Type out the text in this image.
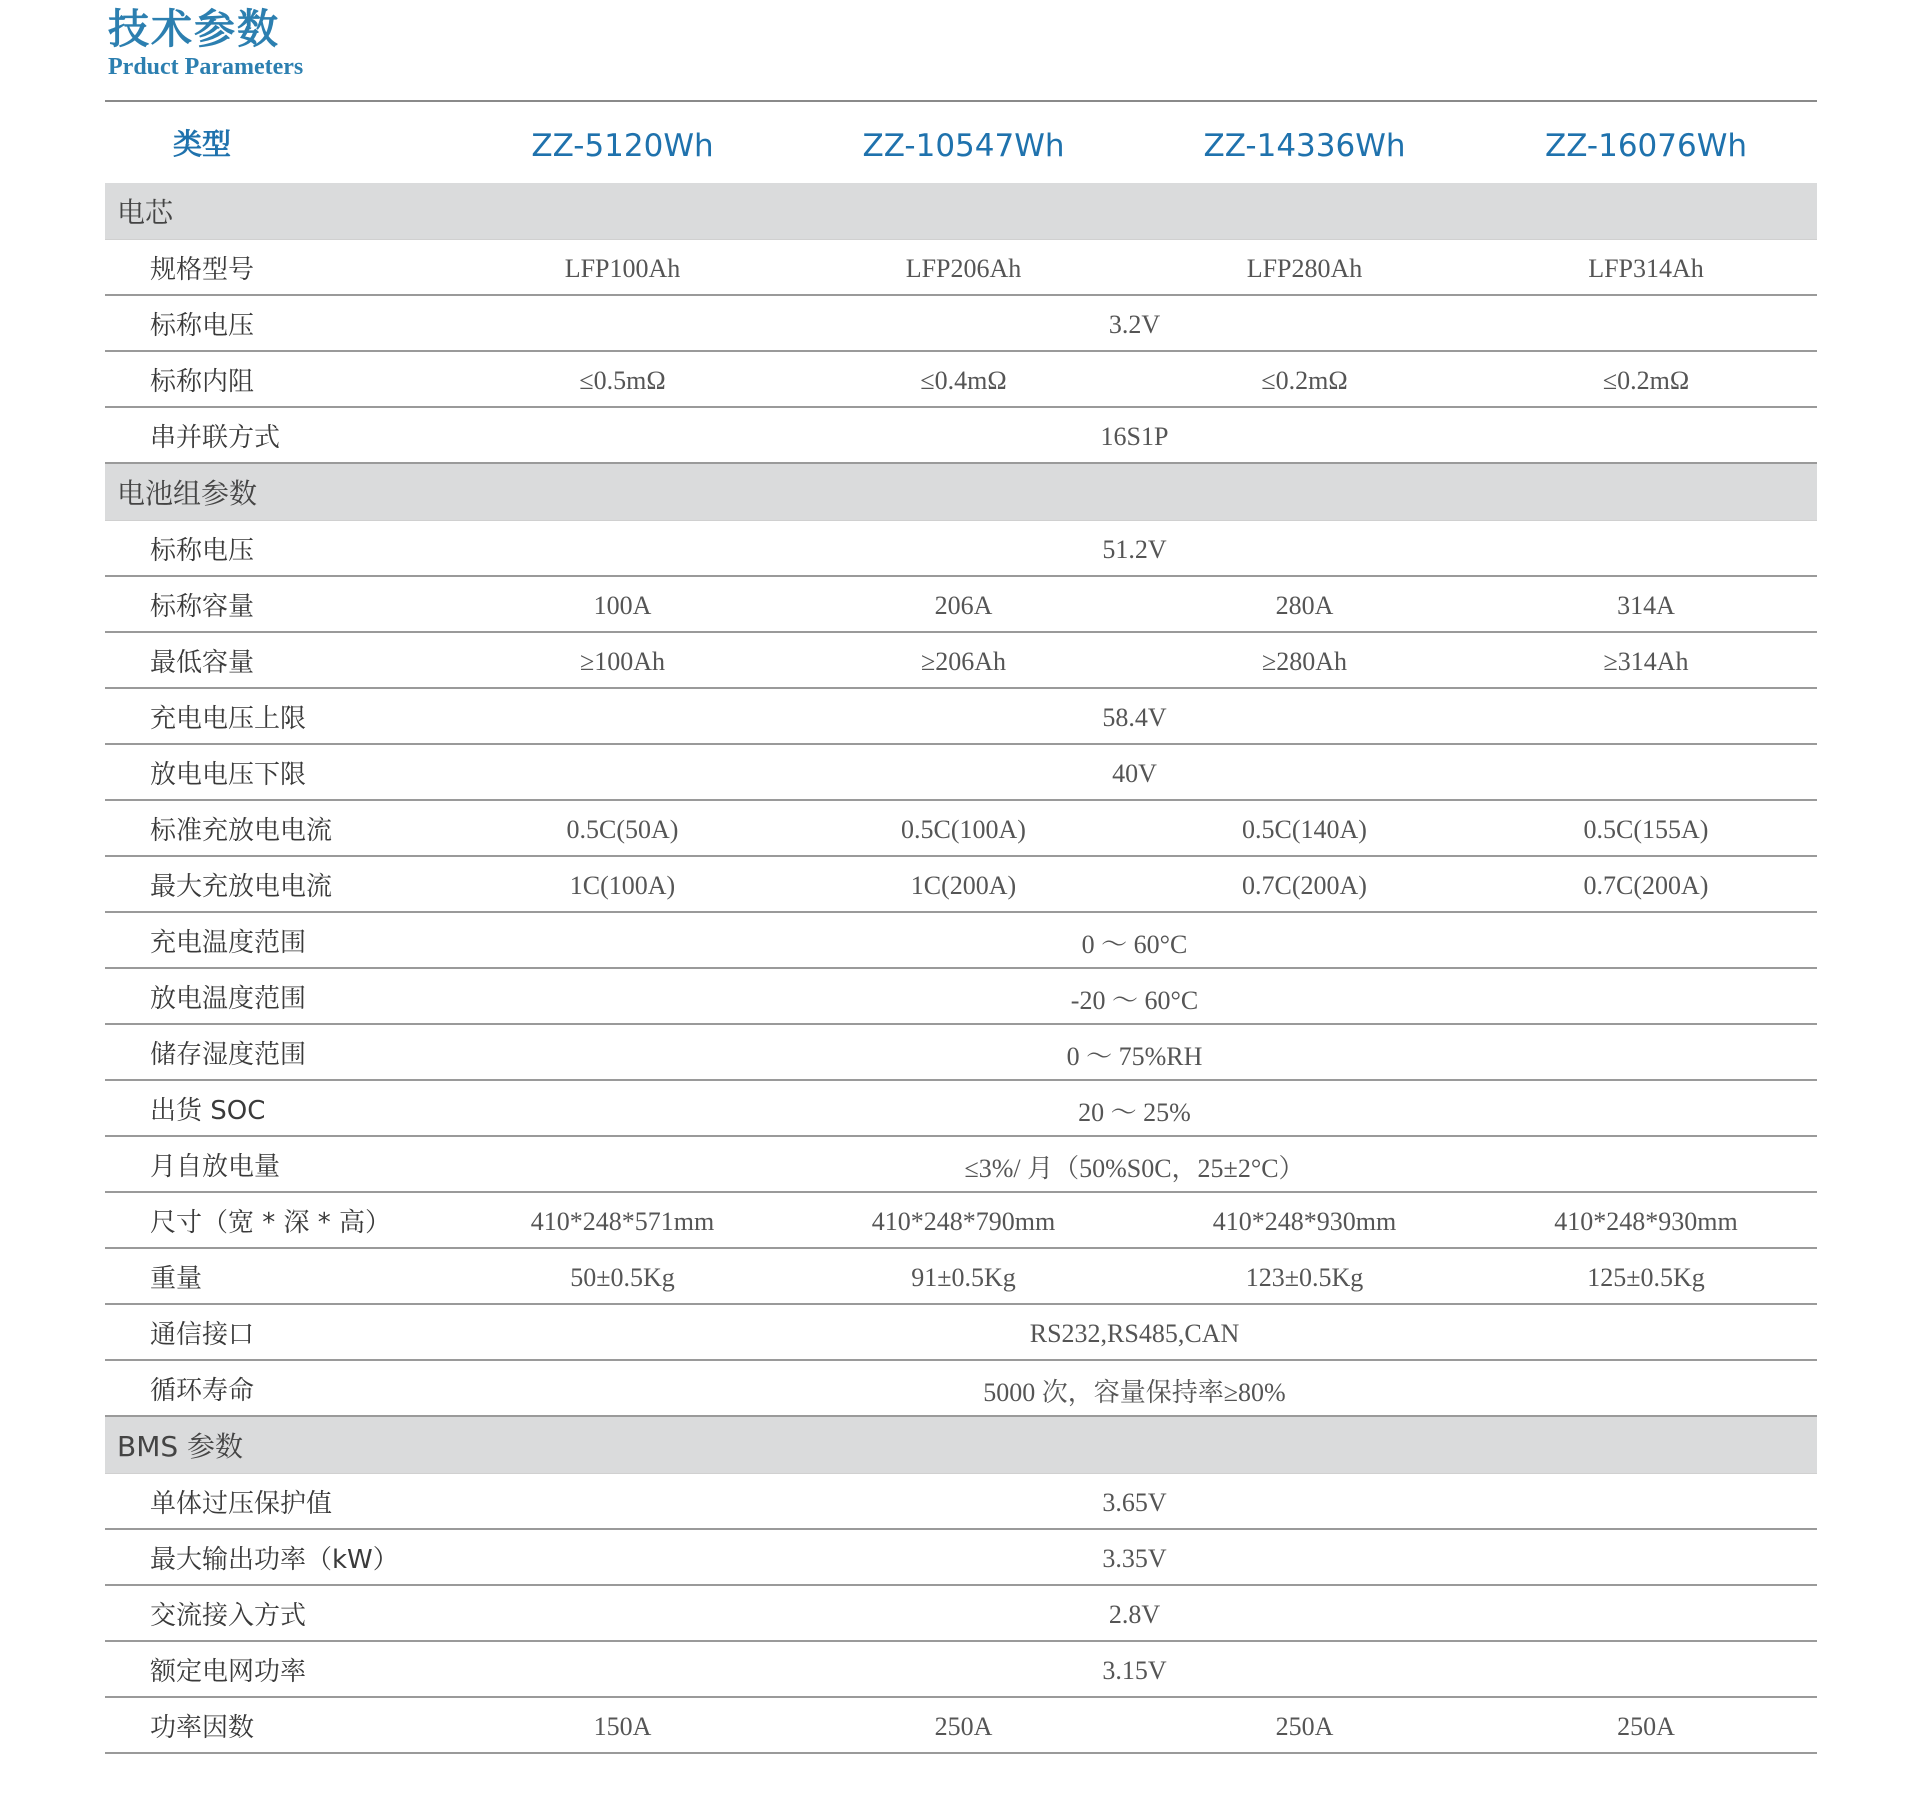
技术参数
Prduct Parameters
类型	ZZ-5120Wh	ZZ-10547Wh	ZZ-14336Wh	ZZ-16076Wh
电芯				
规格型号	LFP100Ah	LFP206Ah	LFP280Ah	LFP314Ah
标称电压	3.2V			
标称内阻	≤0.5mΩ	≤0.4mΩ	≤0.2mΩ	≤0.2mΩ
串并联方式	16S1P			
电池组参数				
标称电压	51.2V			
标称容量	100A	206A	280A	314A
最低容量	≥100Ah	≥206Ah	≥280Ah	≥314Ah
充电电压上限	58.4V			
放电电压下限	40V			
标准充放电电流	0.5C(50A)	0.5C(100A)	0.5C(140A)	0.5C(155A)
最大充放电电流	1C(100A)	1C(200A)	0.7C(200A)	0.7C(200A)
充电温度范围	0 〜 60°C			
放电温度范围	-20 〜 60°C			
储存湿度范围	0 〜 75%RH			
出货 SOC	20 〜 25%			
月自放电量	≤3%/ 月（50%S0C，25±2°C）			
尺寸（宽 * 深 * 高）	410*248*571mm	410*248*790mm	410*248*930mm	410*248*930mm
重量	50±0.5Kg	91±0.5Kg	123±0.5Kg	125±0.5Kg
通信接口	RS232,RS485,CAN			
循环寿命	5000 次，容量保持率≥80%			
BMS 参数				
单体过压保护值	3.65V			
最大输出功率（kW）	3.35V			
交流接入方式	2.8V			
额定电网功率	3.15V			
功率因数	150A	250A	250A	250A
